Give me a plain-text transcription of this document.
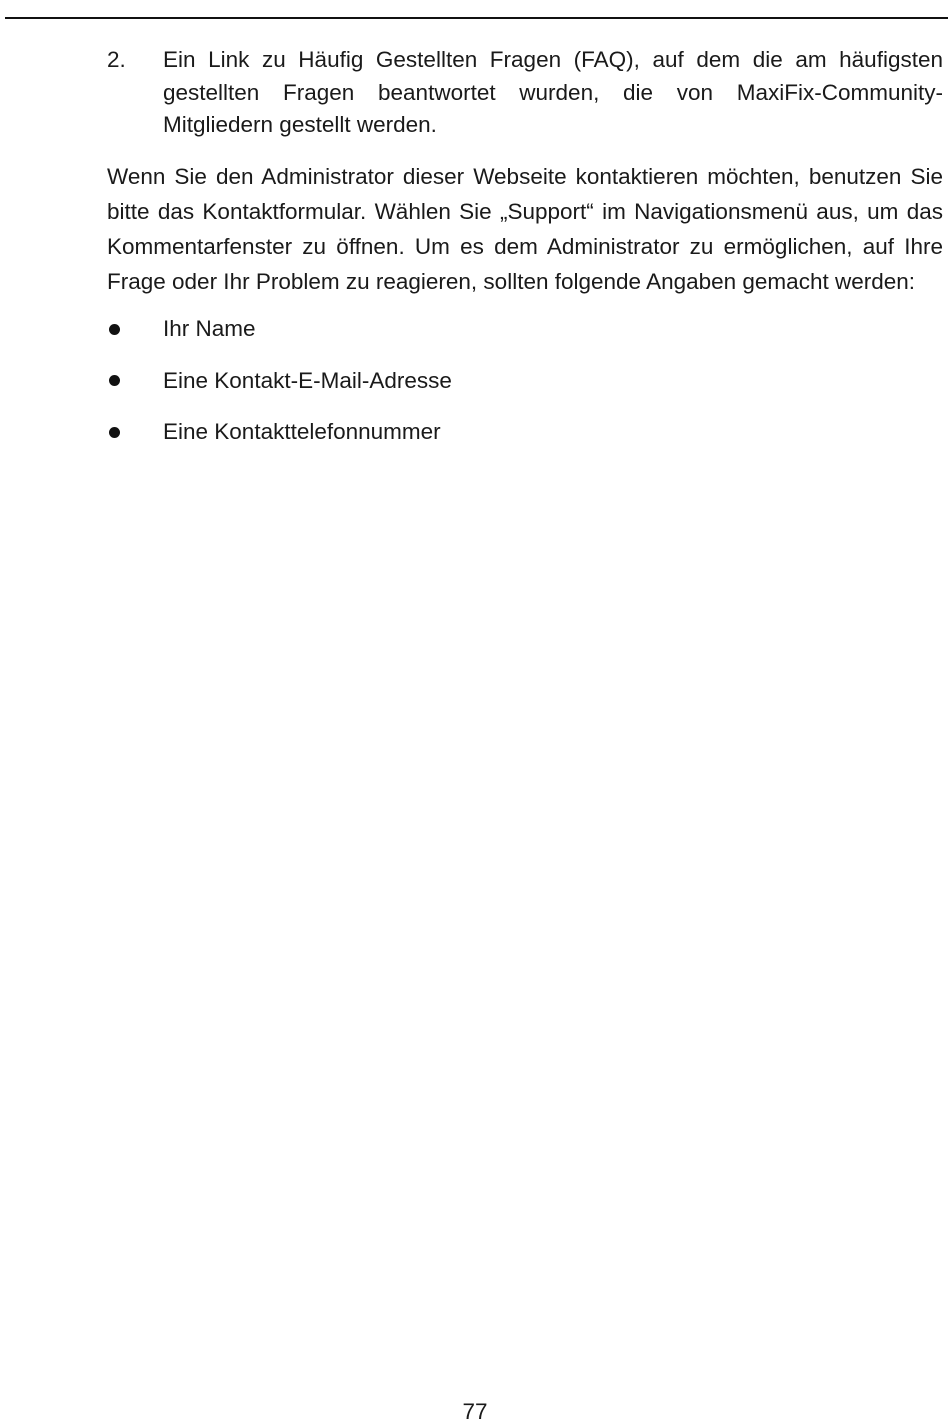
2.	Ein Link zu Häufig Gestellten Fragen (FAQ), auf dem die am häufigsten gestellten Fragen beantwortet wurden, die von MaxiFix-Community-Mitgliedern gestellt werden.
Wenn Sie den Administrator dieser Webseite kontaktieren möchten, benutzen Sie bitte das Kontaktformular. Wählen Sie „Support“ im Navigationsmenü aus, um das Kommentarfenster zu öffnen. Um es dem Administrator zu ermöglichen, auf Ihre Frage oder Ihr Problem zu reagieren, sollten folgende Angaben gemacht werden:
Ihr Name
Eine Kontakt-E-Mail-Adresse
Eine Kontakttelefonnummer
77
